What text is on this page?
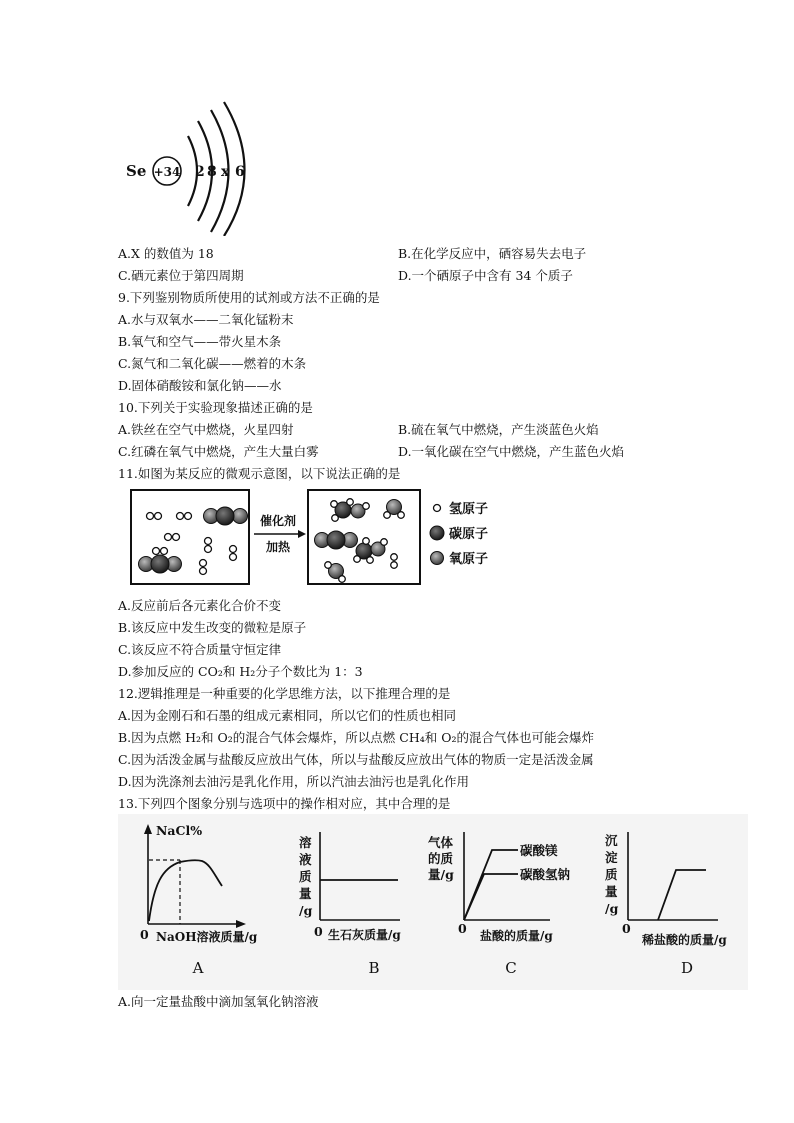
Se +34 2 8 x 6
A.X 的数值为 18	B.在化学反应中，硒容易失去电子
C.硒元素位于第四周期	D.一个硒原子中含有 34 个质子
9.下列鉴别物质所使用的试剂或方法不正确的是
A.水与双氧水——二氧化锰粉末
B.氧气和空气——带火星木条
C.氮气和二氧化碳——燃着的木条
D.固体硝酸铵和氯化钠——水
10.下列关于实验现象描述正确的是
A.铁丝在空气中燃烧，火星四射	B.硫在氧气中燃烧，产生淡蓝色火焰
C.红磷在氧气中燃烧，产生大量白雾	D.一氧化碳在空气中燃烧，产生蓝色火焰
11.如图为某反应的微观示意图，以下说法正确的是
催化剂
加热
氢原子
碳原子
氧原子
A.反应前后各元素化合价不变
B.该反应中发生改变的微粒是原子
C.该反应不符合质量守恒定律
D.参加反应的 CO₂和 H₂分子个数比为 1：3
12.逻辑推理是一种重要的化学思维方法，以下推理合理的是
A.因为金刚石和石墨的组成元素相同，所以它们的性质也相同
B.因为点燃 H₂和 O₂的混合气体会爆炸，所以点燃 CH₄和 O₂的混合气体也可能会爆炸
C.因为活泼金属与盐酸反应放出气体，所以与盐酸反应放出气体的物质一定是活泼金属
D.因为洗涤剂去油污是乳化作用，所以汽油去油污也是乳化作用
13.下列四个图象分别与选项中的操作相对应，其中合理的是
NaCl%
0 NaOH溶液质量/g
A
溶
液
质
量
/g
0 生石灰质量/g
B
气体
的质
量/g
碳酸镁
碳酸氢钠
0 盐酸的质量/g
C
沉
淀
质
量
/g
0
稀盐酸的质量/g
D
A.向一定量盐酸中滴加氢氧化钠溶液
